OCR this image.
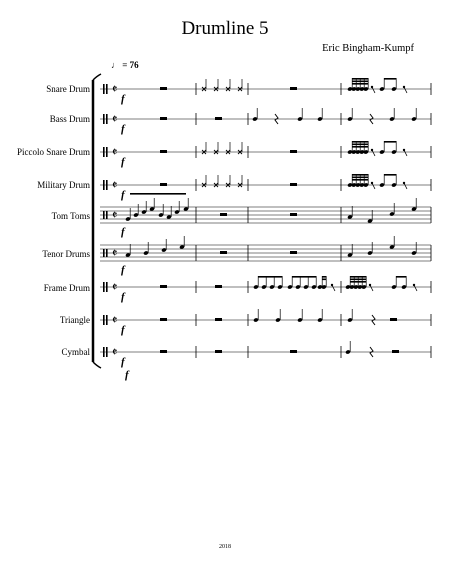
Drumline 5
Eric Bingham-Kumpf
♩ = 76
Snare Drum
Bass Drum
Piccolo Snare Drum
Military Drum
Tom Toms
Tenor Drums
Frame Drum
Triangle
Cymbal
𝄵
𝄵
𝄵
𝄵
𝄵
𝄵
𝄵
𝄵
𝄵
f
f
f
f
f
f
f
f
f
f
2018
